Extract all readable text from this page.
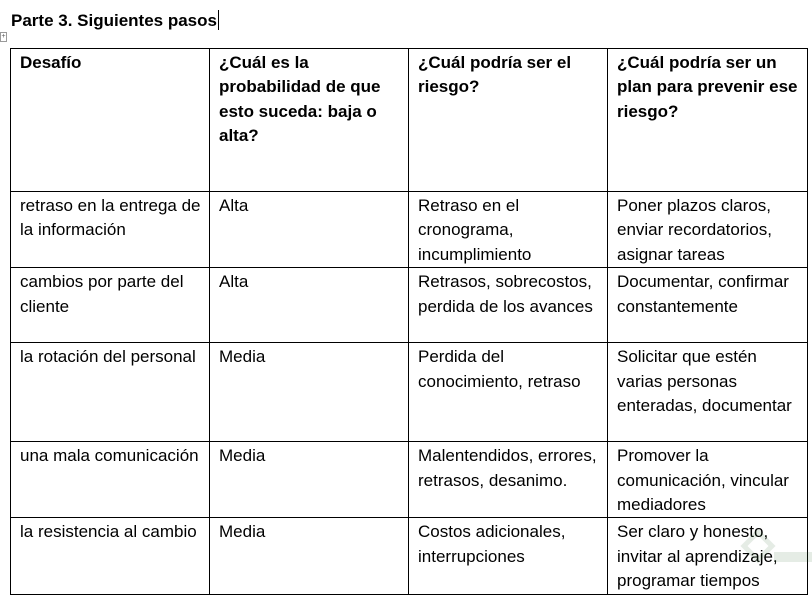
Parte 3. Siguientes pasos
+
Desafío	¿Cuál es la probabilidad de que esto suceda: baja o alta?	¿Cuál podría ser el riesgo?	¿Cuál podría ser un plan para prevenir ese riesgo?
retraso en la entrega de la información	Alta	Retraso en el cronograma, incumplimiento	Poner plazos claros, enviar recordatorios, asignar tareas
cambios por parte del cliente	Alta	Retrasos, sobrecostos, perdida de los avances	Documentar, confirmar constantemente
la rotación del personal	Media	Perdida del conocimiento, retraso	Solicitar que estén varias personas enteradas, documentar
una mala comunicación	Media	Malentendidos, errores, retrasos, desanimo.	Promover la comunicación, vincular mediadores
la resistencia al cambio	Media	Costos adicionales, interrupciones	Ser claro y honesto, invitar al aprendizaje, programar tiempos
